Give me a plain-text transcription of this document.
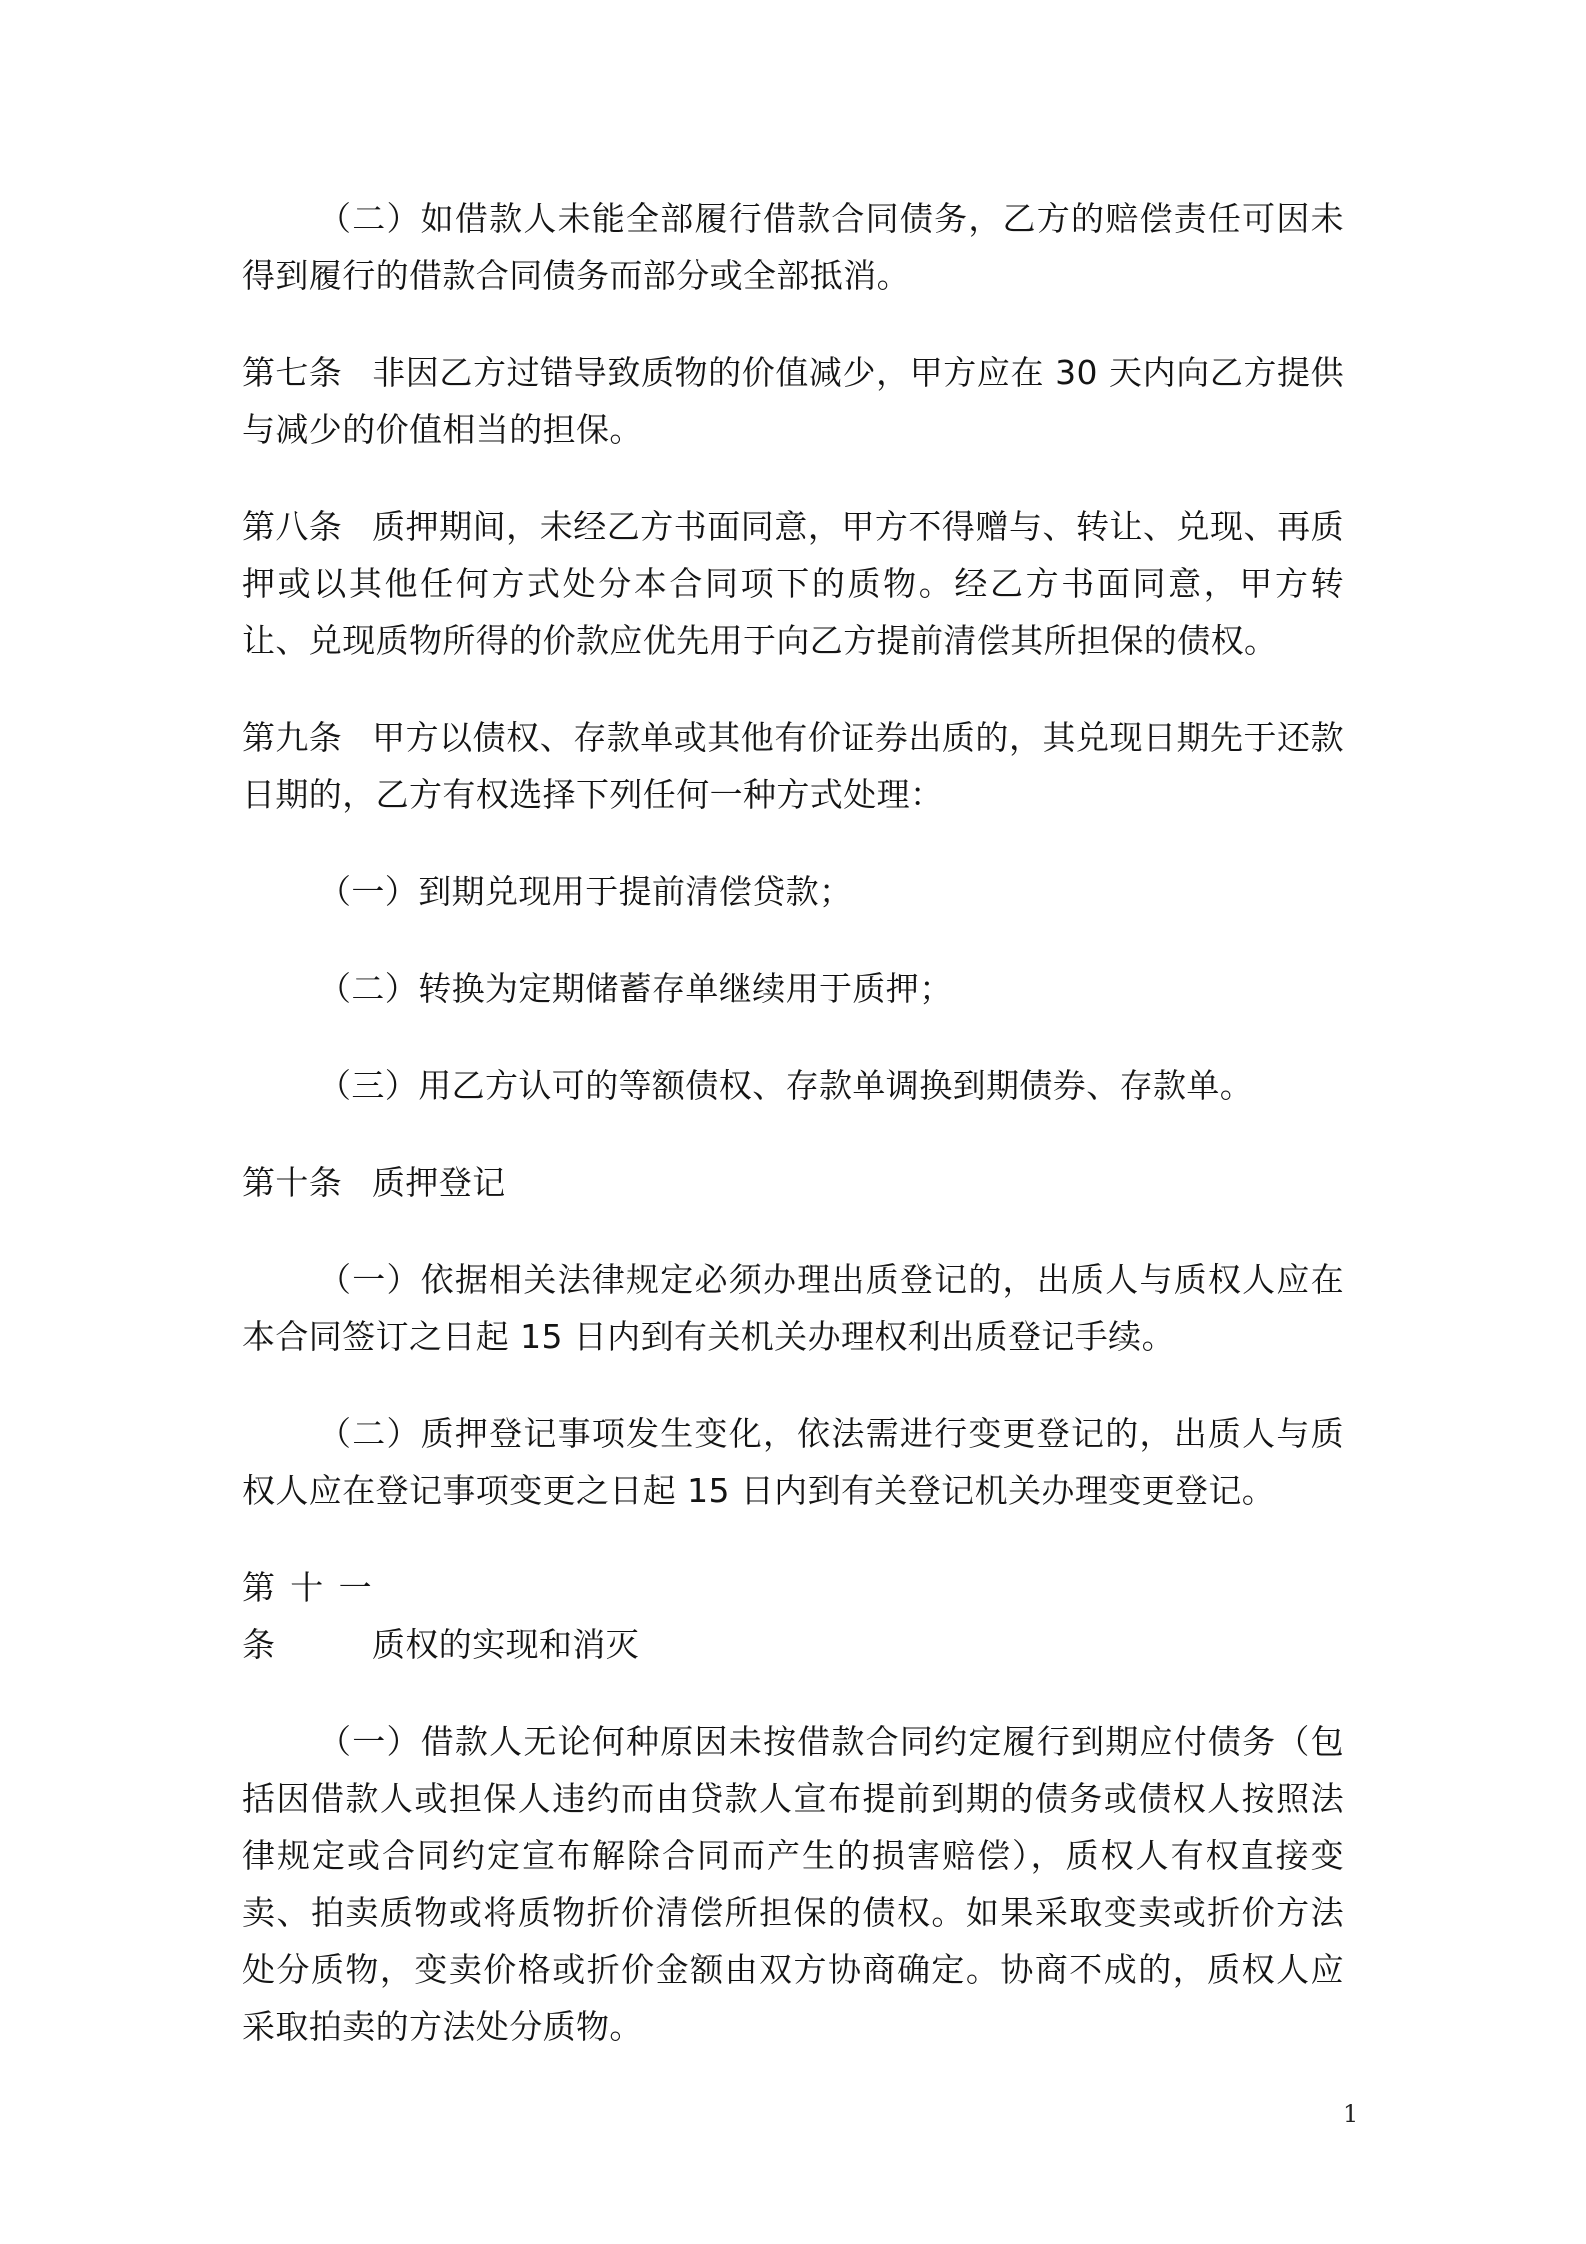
（二）如借款人未能全部履行借款合同债务，乙方的赔偿责任可因未得到履行的借款合同债务而部分或全部抵消。

第七条 非因乙方过错导致质物的价值减少，甲方应在 30 天内向乙方提供与减少的价值相当的担保。

第八条 质押期间，未经乙方书面同意，甲方不得赠与、转让、兑现、再质押或以其他任何方式处分本合同项下的质物。经乙方书面同意，甲方转让、兑现质物所得的价款应优先用于向乙方提前清偿其所担保的债权。

第九条 甲方以债权、存款单或其他有价证券出质的，其兑现日期先于还款日期的，乙方有权选择下列任何一种方式处理：

（一）到期兑现用于提前清偿贷款；

（二）转换为定期储蓄存单继续用于质押；

（三）用乙方认可的等额债权、存款单调换到期债券、存款单。

第十条 质押登记

（一）依据相关法律规定必须办理出质登记的，出质人与质权人应在本合同签订之日起 15 日内到有关机关办理权利出质登记手续。

（二）质押登记事项发生变化，依法需进行变更登记的，出质人与质权人应在登记事项变更之日起 15 日内到有关登记机关办理变更登记。

第十一条	质权的实现和消灭

（一）借款人无论何种原因未按借款合同约定履行到期应付债务（包括因借款人或担保人违约而由贷款人宣布提前到期的债务或债权人按照法律规定或合同约定宣布解除合同而产生的损害赔偿），质权人有权直接变卖、拍卖质物或将质物折价清偿所担保的债权。如果采取变卖或折价方法处分质物，变卖价格或折价金额由双方协商确定。协商不成的，质权人应采取拍卖的方法处分质物。

1
